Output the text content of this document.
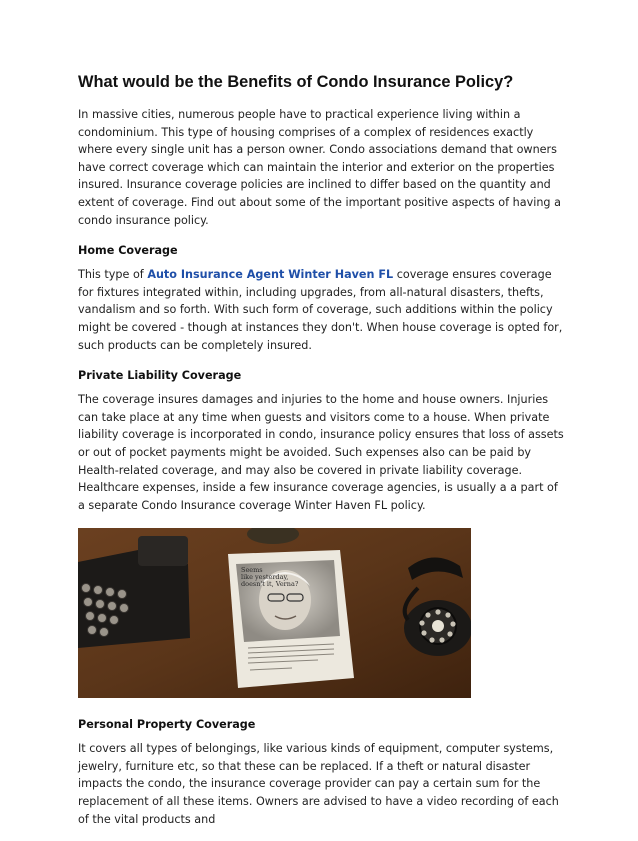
What would be the Benefits of Condo Insurance Policy?

In massive cities, numerous people have to practical experience living within a condominium. This type of housing comprises of a complex of residences exactly where every single unit has a person owner. Condo associations demand that owners have correct coverage which can maintain the interior and exterior on the properties insured. Insurance coverage policies are inclined to differ based on the quantity and extent of coverage. Find out about some of the important positive aspects of having a condo insurance policy.

Home Coverage

This type of Auto Insurance Agent Winter Haven FL coverage ensures coverage for fixtures integrated within, including upgrades, from all-natural disasters, thefts, vandalism and so forth. With such form of coverage, such additions within the policy might be covered - though at instances they don't. When house coverage is opted for, such products can be completely insured.

Private Liability Coverage

The coverage insures damages and injuries to the home and house owners. Injuries can take place at any time when guests and visitors come to a house. When private liability coverage is incorporated in condo, insurance policy ensures that loss of assets or out of pocket payments might be avoided. Such expenses also can be paid by Health-related coverage, and may also be covered in private liability coverage. Healthcare expenses, inside a few insurance coverage agencies, is usually a a part of a separate Condo Insurance coverage Winter Haven FL policy.

Seems
like yesterday,
doesn't it, Verna?
Personal Property Coverage

It covers all types of belongings, like various kinds of equipment, computer systems, jewelry, furniture etc, so that these can be replaced. If a theft or natural disaster impacts the condo, the insurance coverage provider can pay a certain sum for the replacement of all these items. Owners are advised to have a video recording of each of the vital products and
